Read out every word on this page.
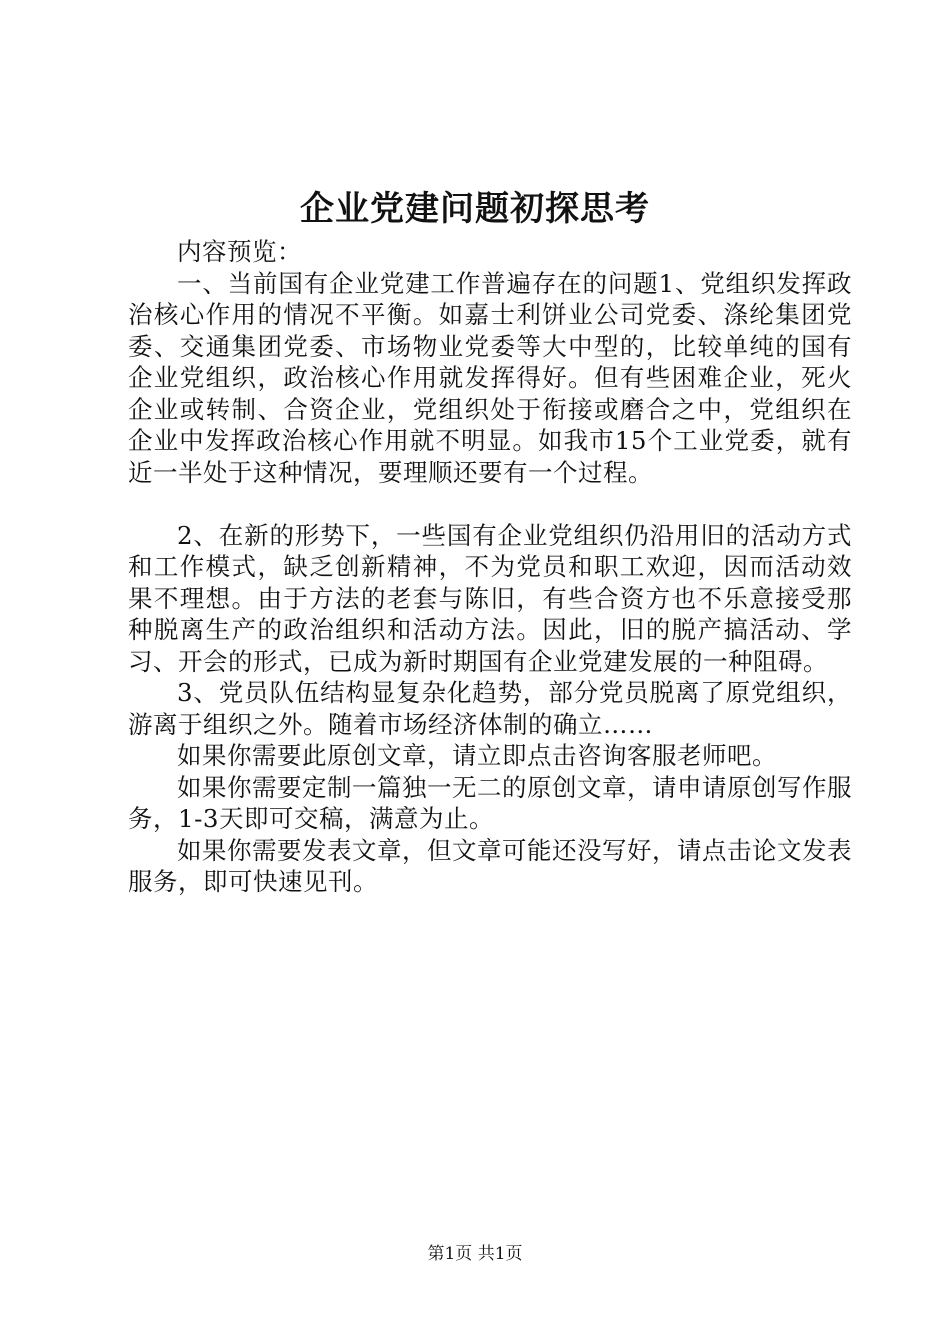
企业党建问题初探思考

内容预览：

一、当前国有企业党建工作普遍存在的问题1、党组织发挥政治核心作用的情况不平衡。如嘉士利饼业公司党委、涤纶集团党委、交通集团党委、市场物业党委等大中型的，比较单纯的国有企业党组织，政治核心作用就发挥得好。但有些困难企业，死火企业或转制、合资企业，党组织处于衔接或磨合之中，党组织在企业中发挥政治核心作用就不明显。如我市15个工业党委，就有近一半处于这种情况，要理顺还要有一个过程。

2、在新的形势下，一些国有企业党组织仍沿用旧的活动方式和工作模式，缺乏创新精神，不为党员和职工欢迎，因而活动效果不理想。由于方法的老套与陈旧，有些合资方也不乐意接受那种脱离生产的政治组织和活动方法。因此，旧的脱产搞活动、学习、开会的形式，已成为新时期国有企业党建发展的一种阻碍。

3、党员队伍结构显复杂化趋势，部分党员脱离了原党组织，游离于组织之外。随着市场经济体制的确立……

如果你需要此原创文章，请立即点击咨询客服老师吧。

如果你需要定制一篇独一无二的原创文章，请申请原创写作服务，1-3天即可交稿，满意为止。

如果你需要发表文章，但文章可能还没写好，请点击论文发表服务，即可快速见刊。

第1页 共1页
